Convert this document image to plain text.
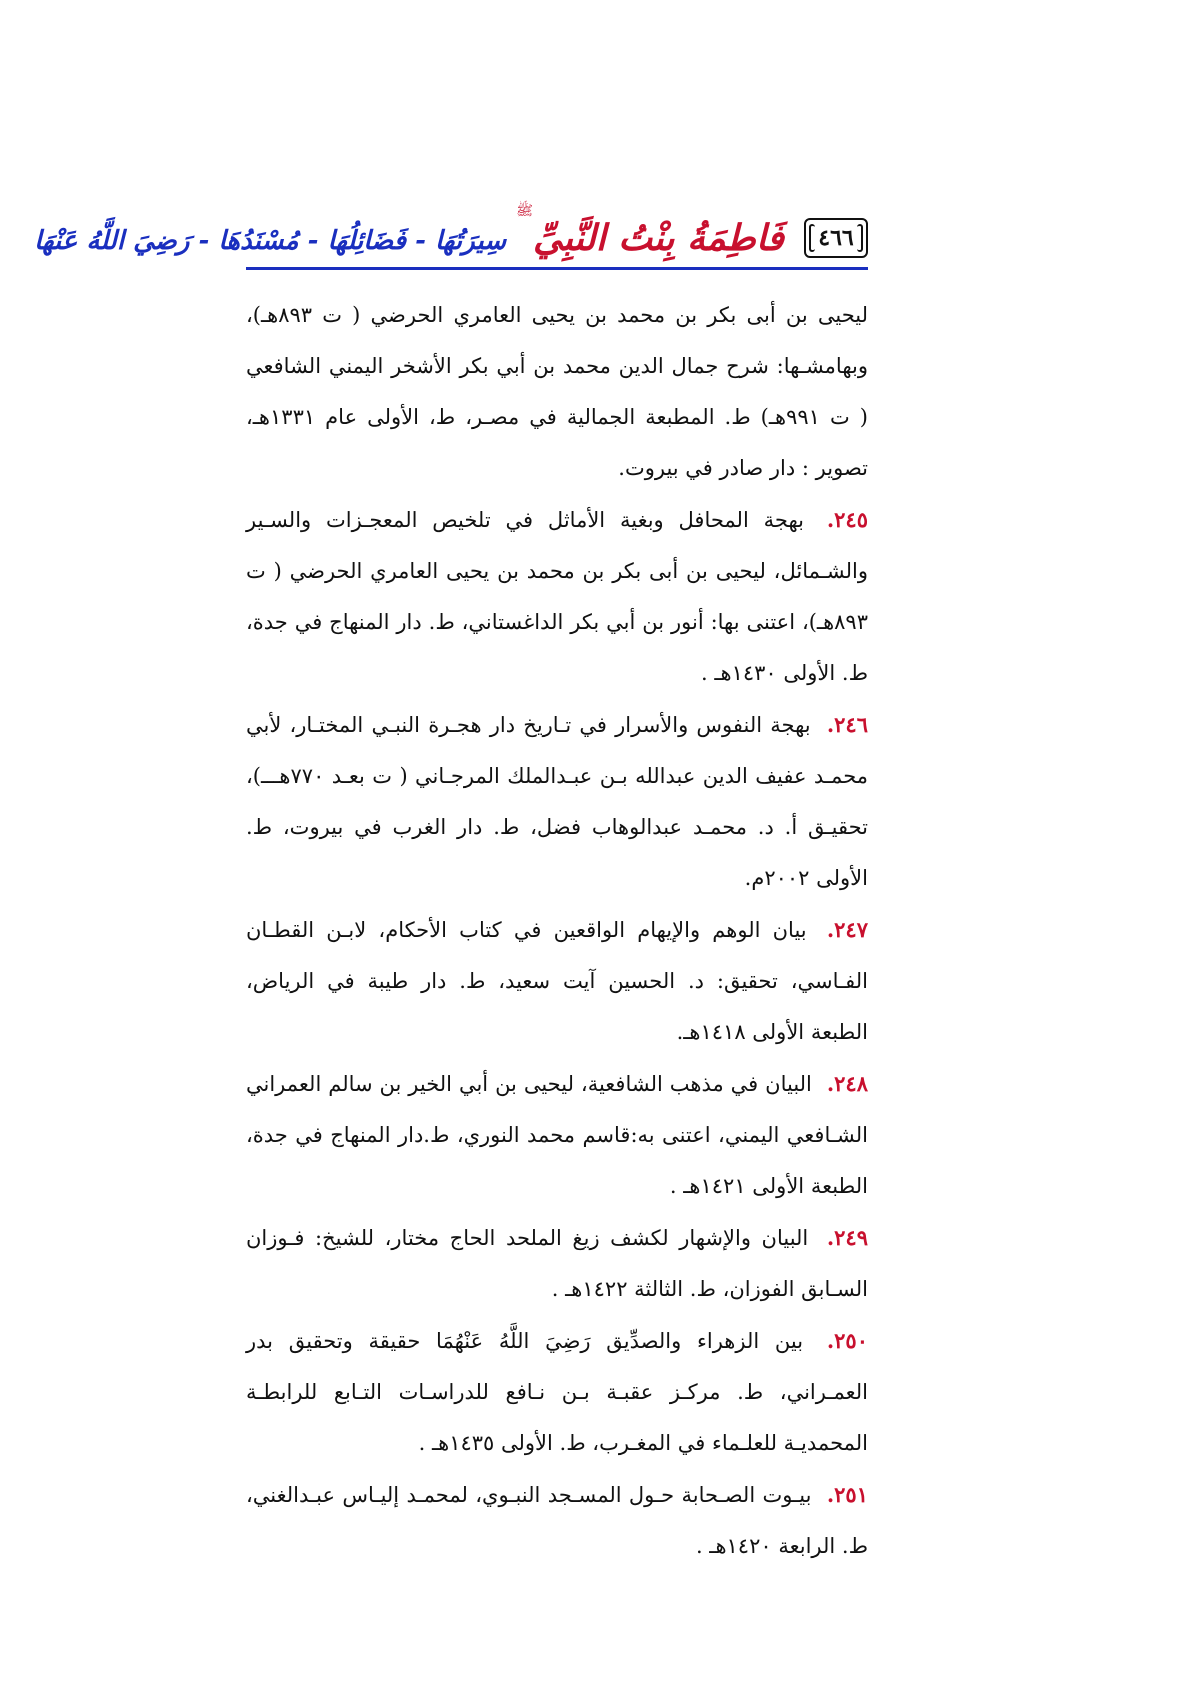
٤٦٦
فَاطِمَةُ بِنْتُ النَّبِيِّ
ﷺ
سِيرَتُهَا - فَضَائِلُهَا - مُسْنَدُهَا - رَضِيَ اللَّهُ عَنْهَا

ليحيى بن أبى بكر بن محمد بن يحيى العامري الحرضي ( ت ٨٩٣هـ)، وبهامشـها: شرح جمال الدين محمد بن أبي بكر الأشخر اليمني الشافعي ( ت ٩٩١هـ) ط. المطبعة الجمالية في مصـر، ط، الأولى عام ١٣٣١هـ، تصوير : دار صادر في بيروت.

٢٤٥. بهجة المحافل وبغية الأماثل في تلخيص المعجـزات والسـير والشـمائل، ليحيى بن أبى بكر بن محمد بن يحيى العامري الحرضي ( ت ٨٩٣هـ)، اعتنى بها: أنور بن أبي بكر الداغستاني، ط. دار المنهاج في جدة، ط. الأولى ١٤٣٠هـ .

٢٤٦. بهجة النفوس والأسرار في تـاريخ دار هجـرة النبـي المختـار، لأبي محمـد عفيف الدين عبدالله بـن عبـدالملك المرجـاني ( ت بعـد ٧٧٠هـــ)، تحقيـق أ. د. محمـد عبدالوهاب فضل، ط. دار الغرب في بيروت، ط. الأولى ٢٠٠٢م.

٢٤٧. بيان الوهم والإيهام الواقعين في كتاب الأحكام، لابـن القطـان الفـاسي، تحقيق: د. الحسين آيت سعيد، ط. دار طيبة في الرياض، الطبعة الأولى ١٤١٨هـ.

٢٤٨. البيان في مذهب الشافعية، ليحيى بن أبي الخير بن سالم العمراني الشـافعي اليمني، اعتنى به:قاسم محمد النوري، ط.دار المنهاج في جدة، الطبعة الأولى ١٤٢١هـ .

٢٤٩. البيان والإشهار لكشف زيغ الملحد الحاج مختار، للشيخ: فـوزان السـابق الفوزان، ط. الثالثة ١٤٢٢هـ .

٢٥٠. بين الزهراء والصدِّيق رَضِيَ اللَّهُ عَنْهُمَا حقيقة وتحقيق بدر العمـراني، ط. مركـز عقبـة بـن نـافع للدراسـات التـابع للرابطـة المحمديـة للعلـماء في المغـرب، ط. الأولى ١٤٣٥هـ .

٢٥١. بيـوت الصـحابة حـول المسـجد النبـوي، لمحمـد إليـاس عبـدالغني، ط. الرابعة ١٤٢٠هـ .
